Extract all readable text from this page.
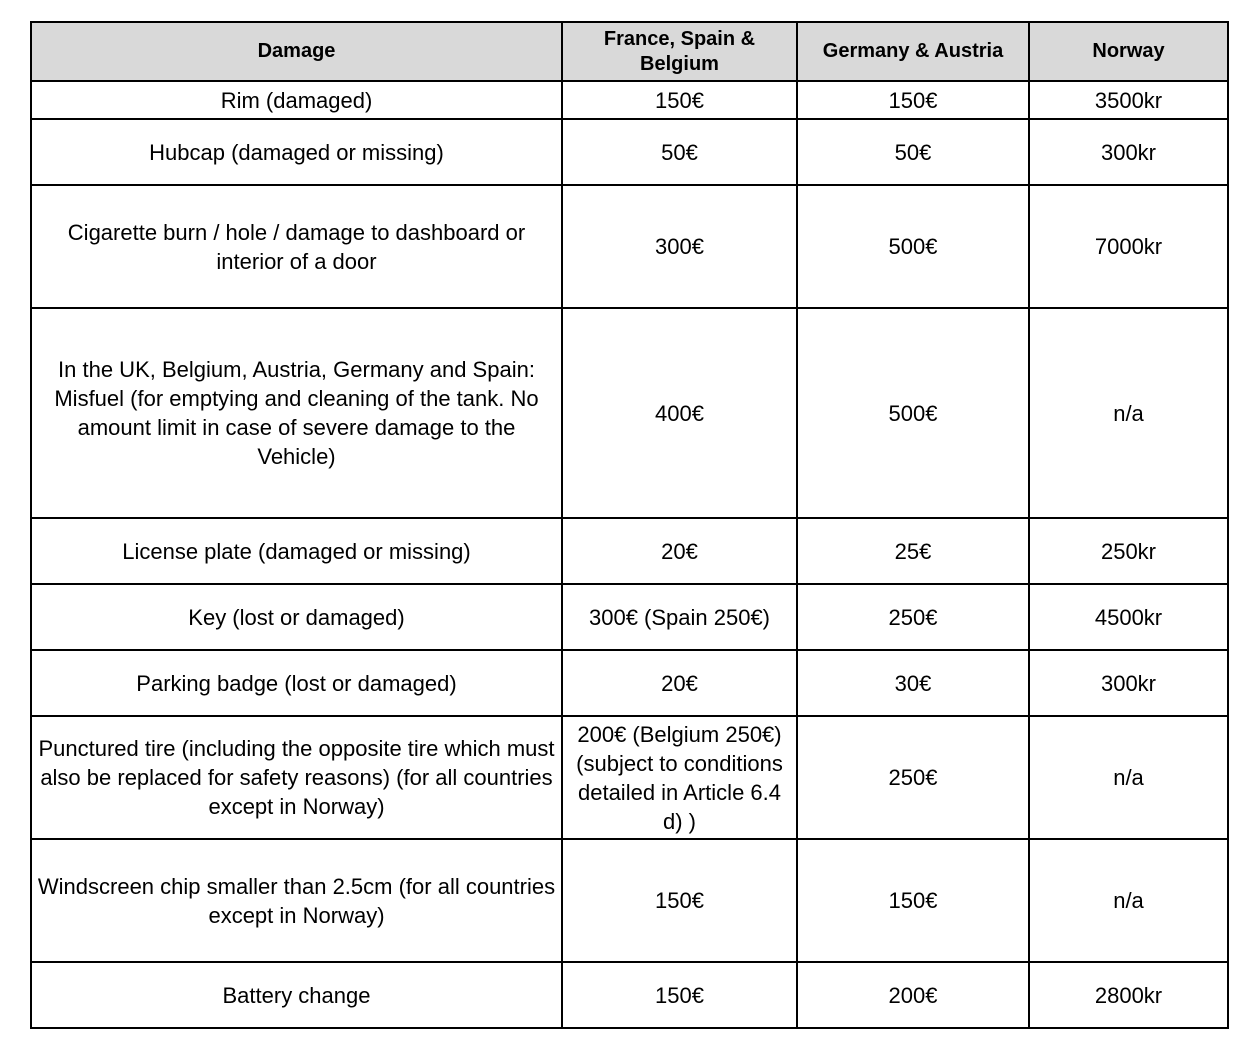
Damage	France, Spain & Belgium	Germany & Austria	Norway
Rim (damaged)	150€	150€	3500kr
Hubcap (damaged or missing)	50€	50€	300kr
Cigarette burn / hole / damage to dashboard or interior of a door	300€	500€	7000kr
In the UK, Belgium, Austria, Germany and Spain: Misfuel (for emptying and cleaning of the tank. No amount limit in case of severe damage to the Vehicle)	400€	500€	n/a
License plate (damaged or missing)	20€	25€	250kr
Key (lost or damaged)	300€ (Spain 250€)	250€	4500kr
Parking badge (lost or damaged)	20€	30€	300kr
Punctured tire (including the opposite tire which must also be replaced for safety reasons) (for all countries except in Norway)	200€ (Belgium 250€) (subject to conditions detailed in Article 6.4 d) )	250€	n/a
Windscreen chip smaller than 2.5cm (for all countries except in Norway)	150€	150€	n/a
Battery change	150€	200€	2800kr
